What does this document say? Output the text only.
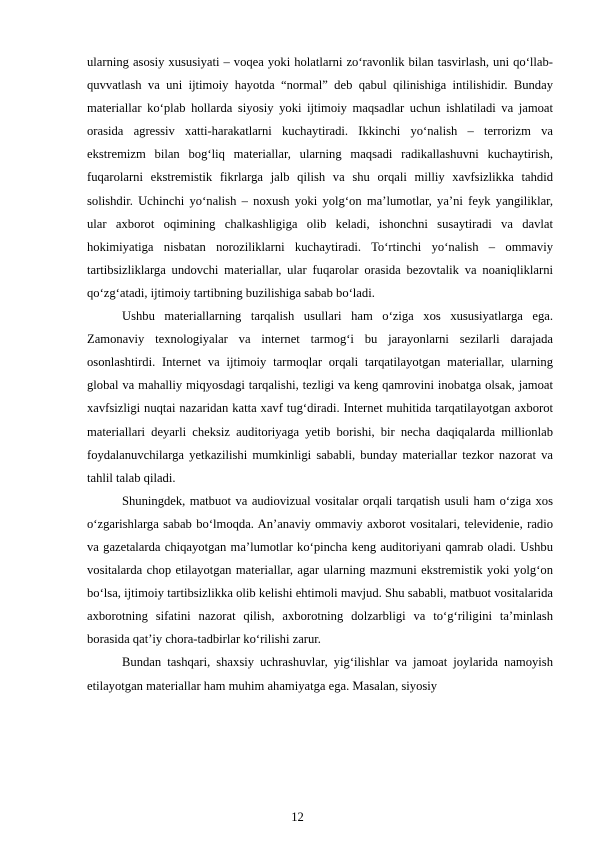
ularning asosiy xususiyati – voqea yoki holatlarni zo‘ravonlik bilan tasvirlash, uni qo‘llab-quvvatlash va uni ijtimoiy hayotda “normal” deb qabul qilinishiga intilishidir. Bunday materiallar ko‘plab hollarda siyosiy yoki ijtimoiy maqsadlar uchun ishlatiladi va jamoat orasida agressiv xatti-harakatlarni kuchaytiradi. Ikkinchi yo‘nalish – terrorizm va ekstremizm bilan bog‘liq materiallar, ularning maqsadi radikallashuvni kuchaytirish, fuqarolarni ekstremistik fikrlarga jalb qilish va shu orqali milliy xavfsizlikka tahdid solishdir. Uchinchi yo‘nalish – noxush yoki yolg‘on ma’lumotlar, ya’ni feyk yangiliklar, ular axborot oqimining chalkashligiga olib keladi, ishonchni susaytiradi va davlat hokimiyatiga nisbatan noroziliklarni kuchaytiradi. To‘rtinchi yo‘nalish – ommaviy tartibsizliklarga undovchi materiallar, ular fuqarolar orasida bezovtalik va noaniqliklarni qo‘zg‘atadi, ijtimoiy tartibning buzilishiga sabab bo‘ladi.

Ushbu materiallarning tarqalish usullari ham o‘ziga xos xususiyatlarga ega. Zamonaviy texnologiyalar va internet tarmog‘i bu jarayonlarni sezilarli darajada osonlashtirdi. Internet va ijtimoiy tarmoqlar orqali tarqatilayotgan materiallar, ularning global va mahalliy miqyosdagi tarqalishi, tezligi va keng qamrovini inobatga olsak, jamoat xavfsizligi nuqtai nazaridan katta xavf tug‘diradi. Internet muhitida tarqatilayotgan axborot materiallari deyarli cheksiz auditoriyaga yetib borishi, bir necha daqiqalarda millionlab foydalanuvchilarga yetkazilishi mumkinligi sababli, bunday materiallar tezkor nazorat va tahlil talab qiladi.

Shuningdek, matbuot va audiovizual vositalar orqali tarqatish usuli ham o‘ziga xos o‘zgarishlarga sabab bo‘lmoqda. An’anaviy ommaviy axborot vositalari, televidenie, radio va gazetalarda chiqayotgan ma’lumotlar ko‘pincha keng auditoriyani qamrab oladi. Ushbu vositalarda chop etilayotgan materiallar, agar ularning mazmuni ekstremistik yoki yolg‘on bo‘lsa, ijtimoiy tartibsizlikka olib kelishi ehtimoli mavjud. Shu sababli, matbuot vositalarida axborotning sifatini nazorat qilish, axborotning dolzarbligi va to‘g‘riligini ta’minlash borasida qat’iy chora-tadbirlar ko‘rilishi zarur.

Bundan tashqari, shaxsiy uchrashuvlar, yig‘ilishlar va jamoat joylarida namoyish etilayotgan materiallar ham muhim ahamiyatga ega. Masalan, siyosiy

12
